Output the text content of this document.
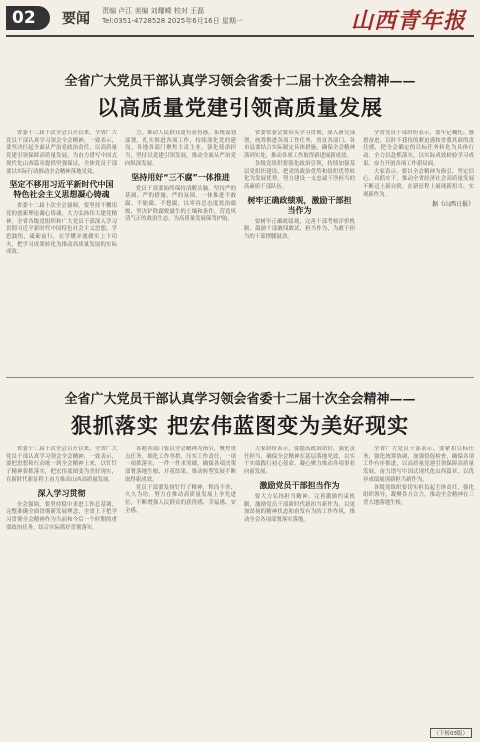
02	要闻 责编 卢江 美编 刘耀嵘 校对 王磊
Tel:0351-4728528 2025年6月16日 星期一	山西青年报
全省广大党员干部认真学习领会省委十二届十次全会精神——
以高质量党建引领高质量发展

省委十二届十次全会召开以来，全省广大党员干部认真学习领会全会精神，一致表示，要坚决扛起全面从严治党政治责任，以高质量党建引领保障高质量发展，为奋力谱写中国式现代化山西篇章提供坚强保证，全体党员干部要以实际行动推动全会精神落地见效。

坚定不移用习近平新时代中国特色社会主义思想凝心铸魂

省委十二届十次全会强调，要坚持不懈用党的创新理论凝心铸魂，大力弘扬伟大建党精神，全省各级党组织和广大党员干部深入学习贯彻习近平新时代中国特色社会主义思想，学思践悟，砥砺前行，在学懂弄通做实上下功夫，把学习成果转化为推动高质量发展的实际成效。

力，推动人民群众更有获得感，系统谋划部署，扎实推进各项工作，持续深化党的建设。各地各部门聚焦主责主业，强化使命担当，坚持以党建引领发展，推动全面从严治党向纵深发展。

坚持用好“三不腐”一体推进

党员干部要始终保持清醒头脑，坚持严的基调、严的措施、严的氛围，一体推进不敢腐、不能腐、不想腐，以零容忍态度惩治腐败，坚决铲除腐败滋生的土壤和条件，营造风清气正的政治生态，为高质量发展保驾护航。

省委常委会要带头学习贯彻，深入研究部署，统筹推进各项工作任务，省直各部门、各市县要结合实际制定具体措施，确保全会精神落到实处，推动各项工作取得新进展新成效。

各级党组织要强化政治引领，持续加强基层党组织建设，把党的政治优势和组织优势转化为发展优势，努力建设一支忠诚干净担当的高素质干部队伍。

树牢正确政绩观，激励干部担当作为

要树牢正确政绩观，完善干部考核评价机制，鼓励干部敢闯敢试、担当作为，为敢于担当的干部撑腰鼓劲。

全省党员干部纷纷表示，要牢记嘱托、感恩奋进，以时不我待的紧迫感和舍我其谁的责任感，把全会确定的目标任务转化为具体行动，全力以赴抓落实，以实际成效检验学习成果，奋力开创各项工作新局面。

大家表示，要以全会精神为指引，坚定信心、真抓实干，推动全省经济社会高质量发展不断迈上新台阶，在新征程上展现新担当、实现新作为。

据《山西日报》
全省广大党员干部认真学习领会省委十二届十次全会精神——
狠抓落实 把宏伟蓝图变为美好现实

省委十二届十次全会召开以来，全省广大党员干部认真学习领会全会精神，一致表示，要把思想和行动统一到全会精神上来，以钉钉子精神狠抓落实，把宏伟蓝图变为美好现实，在新时代新征程上奋力推动山西高质量发展。

深入学习贯彻

全会强调，要坚持稳中求进工作总基调，完整准确全面贯彻新发展理念，全省上下把学习贯彻全会精神作为当前和今后一个时期的重要政治任务，结合实际抓好贯彻落实。

各地各部门要以全会精神为指引，聚焦重点任务，细化工作举措，压实工作责任，一项一项抓落实，一件一件求突破，确保各项决策部署落地生根、开花结果，推动转型发展不断取得新成效。

党员干部要发扬钉钉子精神，锲而不舍、久久为功，努力在推动高质量发展上争先进位，不断增强人民群众的获得感、幸福感、安全感。

大家纷纷表示，要提高政治站位，强化责任担当，确保全会精神在基层落地见效，以实干实绩践行初心使命，凝心聚力推动各项事业向前发展。

激励党员干部担当作为

要大力弘扬担当精神，完善激励约束机制，激励党员干部新时代新担当新作为，以更加昂扬的精神状态和奋发有为的工作作风，推动全会各项部署落实落地。

全省广大党员干部表示，要紧扣目标任务，强化统筹协调，加强督促检查，确保各项工作有序推进，以高质量党建引领保障高质量发展，奋力谱写中国式现代化山西篇章，以优异成绩展现新担当新作为。

各级党组织要切实担负起主体责任，强化组织领导，凝聚各方合力，推动全会精神在三晋大地落地生根。

（下转03版）
